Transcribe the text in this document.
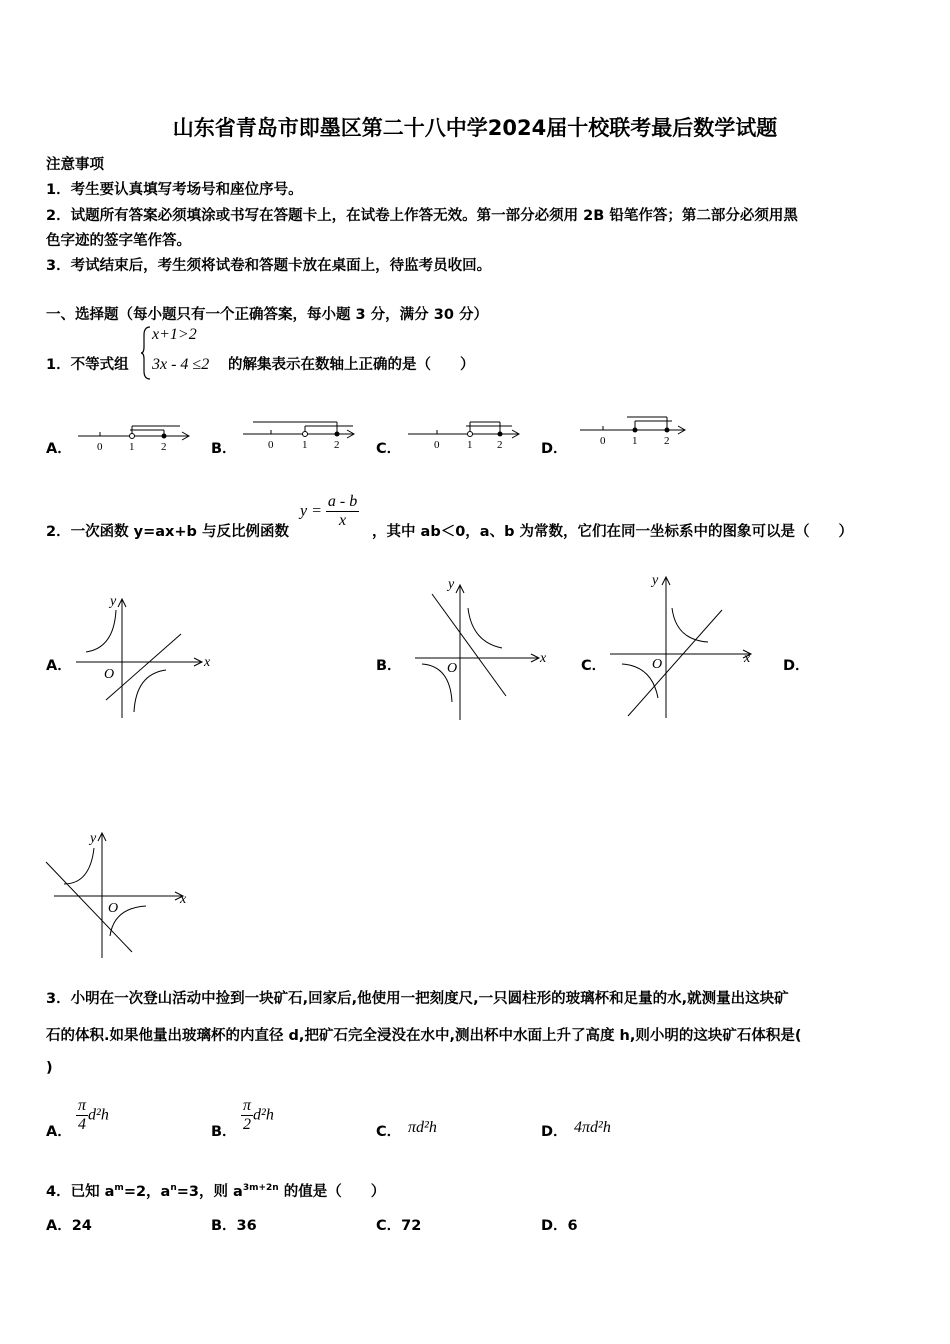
山东省青岛市即墨区第二十八中学2024届十校联考最后数学试题
注意事项
1．考生要认真填写考场号和座位序号。
2．试题所有答案必须填涂或书写在答题卡上，在试卷上作答无效。第一部分必须用 2B 铅笔作答；第二部分必须用黑
色字迹的签字笔作答。
3．考试结束后，考生须将试卷和答题卡放在桌面上，待监考员收回。
一、选择题（每小题只有一个正确答案，每小题 3 分，满分 30 分）
1．不等式组
x+1>2
3x - 4 ≤2 的解集表示在数轴上正确的是（　　）
A． 0 1 2	B．	0	1 2	C．	0	1 2	D．	0 1 2
2．一次函数 y=ax+b 与反比例函数
$y = \frac{a - b}{x}$
，其中 ab＜0，a、b 为常数，它们在同一坐标系中的图象可以是（　　）
A．	x
y
O
B．	x
y
O	C．	x
y
O	D．
x
y
O
3．小明在一次登山活动中捡到一块矿石,回家后,他使用一把刻度尺,一只圆柱形的玻璃杯和足量的水,就测量出这块矿
石的体积.如果他量出玻璃杯的内直径 d,把矿石完全浸没在水中,测出杯中水面上升了高度 h,则小明的这块矿石体积是(
)
A． $\frac{\pi}{4} d^2h$
B． $\frac{\pi}{2} d^2h$
C． πd²h	D． 4πd²h
4．已知 $a^m=2$，$a^n=3$，则 $a^{3m+2n}$ 的值是（　　）
A．24	B．36	C．72	D．6
